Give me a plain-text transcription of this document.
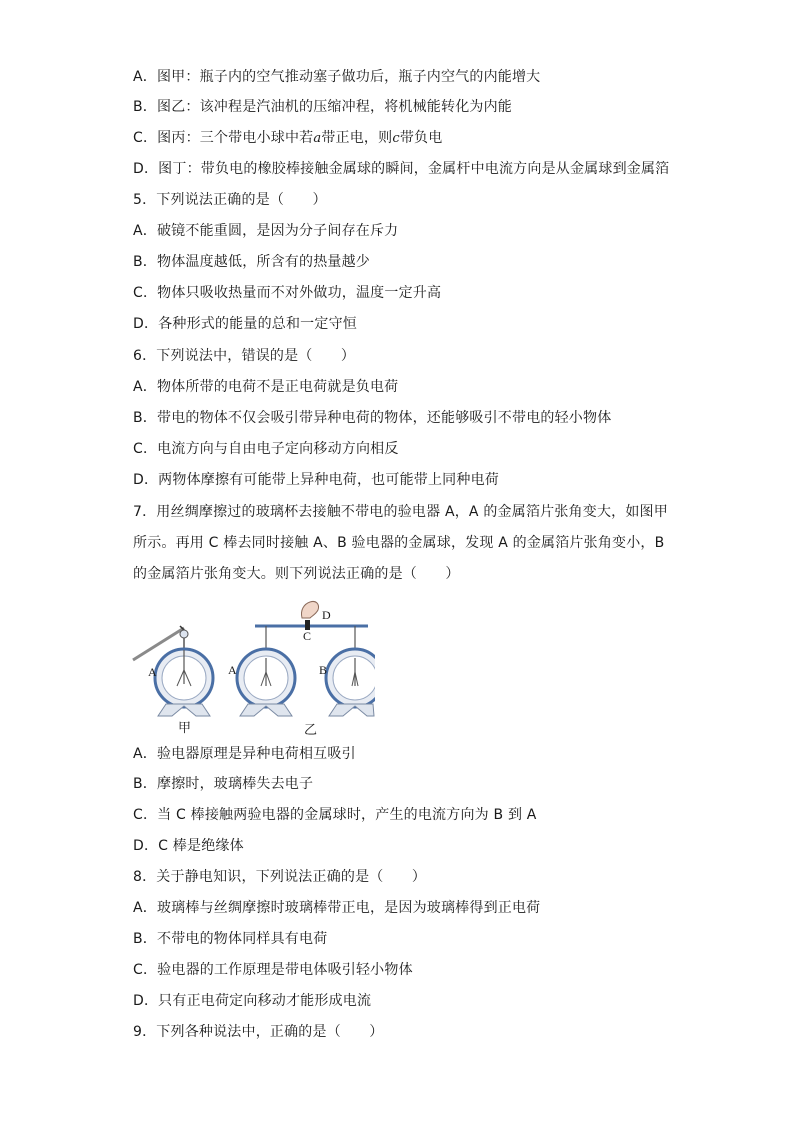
A．图甲：瓶子内的空气推动塞子做功后，瓶子内空气的内能增大
B．图乙：该冲程是汽油机的压缩冲程，将机械能转化为内能
C．图丙：三个带电小球中若a带正电，则c带负电
D．图丁：带负电的橡胶棒接触金属球的瞬间，金属杆中电流方向是从金属球到金属箔
5．下列说法正确的是（　　）
A．破镜不能重圆，是因为分子间存在斥力
B．物体温度越低，所含有的热量越少
C．物体只吸收热量而不对外做功，温度一定升高
D．各种形式的能量的总和一定守恒
6．下列说法中，错误的是（　　）
A．物体所带的电荷不是正电荷就是负电荷
B．带电的物体不仅会吸引带异种电荷的物体，还能够吸引不带电的轻小物体
C．电流方向与自由电子定向移动方向相反
D．两物体摩擦有可能带上异种电荷，也可能带上同种电荷
7．用丝绸摩擦过的玻璃杯去接触不带电的验电器 A，A 的金属箔片张角变大，如图甲
所示。再用 C 棒去同时接触 A、B 验电器的金属球，发现 A 的金属箔片张角变小，B
的金属箔片张角变大。则下列说法正确的是（　　）
A	A	B
C
D
甲	乙
A．验电器原理是异种电荷相互吸引
B．摩擦时，玻璃棒失去电子
C．当 C 棒接触两验电器的金属球时，产生的电流方向为 B 到 A
D．C 棒是绝缘体
8．关于静电知识，下列说法正确的是（　　）
A．玻璃棒与丝绸摩擦时玻璃棒带正电，是因为玻璃棒得到正电荷
B．不带电的物体同样具有电荷
C．验电器的工作原理是带电体吸引轻小物体
D．只有正电荷定向移动才能形成电流
9．下列各种说法中，正确的是（　　）
